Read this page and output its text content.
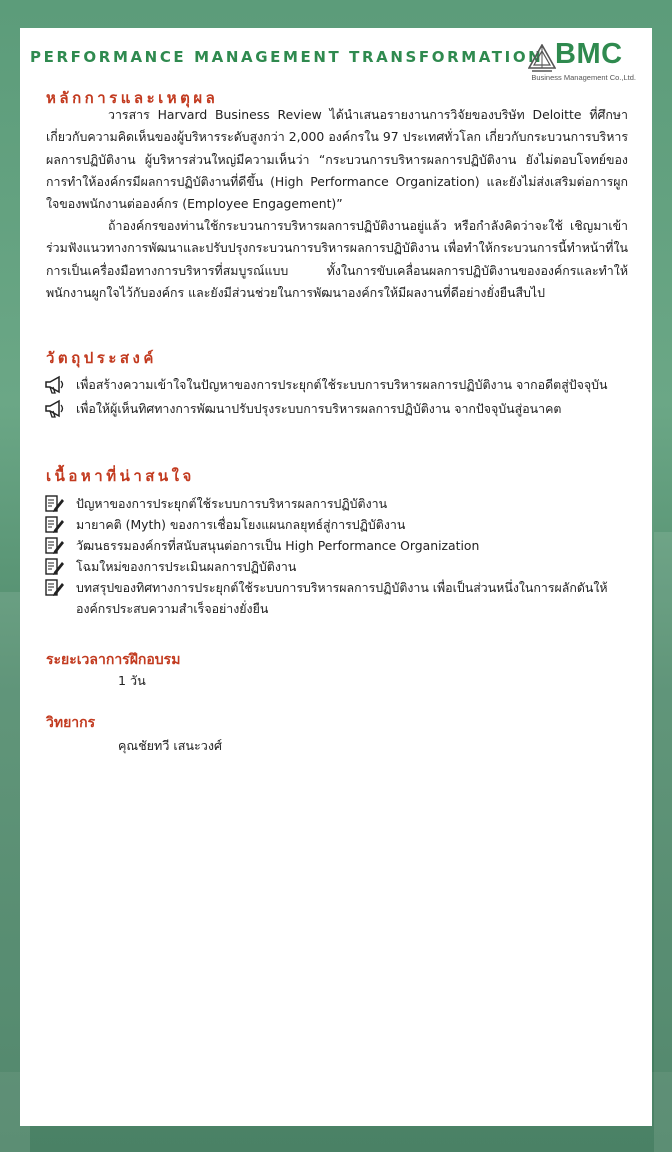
PERFORMANCE MANAGEMENT TRANSFORMATION BMC
Business Management Co.,Ltd.
หลักการและเหตุผล
วารสาร Harvard Business Review ได้นำเสนอรายงานการวิจัยของบริษัท Deloitte ที่ศึกษาเกี่ยวกับความคิดเห็นของผู้บริหารระดับสูงกว่า 2,000 องค์กรใน 97 ประเทศทั่วโลก เกี่ยวกับกระบวนการบริหารผลการปฏิบัติงาน ผู้บริหารส่วนใหญ่มีความเห็นว่า “กระบวนการบริหารผลการปฏิบัติงาน ยังไม่ตอบโจทย์ของการทำให้องค์กรมีผลการปฏิบัติงานที่ดีขึ้น (High Performance Organization) และยังไม่ส่งเสริมต่อการผูกใจของพนักงานต่อองค์กร (Employee Engagement)”
ถ้าองค์กรของท่านใช้กระบวนการบริหารผลการปฏิบัติงานอยู่แล้ว หรือกำลังคิดว่าจะใช้ เชิญมาเข้าร่วมฟังแนวทางการพัฒนาและปรับปรุงกระบวนการบริหารผลการปฏิบัติงาน เพื่อทำให้กระบวนการนี้ทำหน้าที่ในการเป็นเครื่องมือทางการบริหารที่สมบูรณ์แบบ ทั้งในการขับเคลื่อนผลการปฏิบัติงานขององค์กรและทำให้พนักงานผูกใจไว้กับองค์กร และยังมีส่วนช่วยในการพัฒนาองค์กรให้มีผลงานที่ดีอย่างยั่งยืนสืบไป
วัตถุประสงค์
เพื่อสร้างความเข้าใจในปัญหาของการประยุกต์ใช้ระบบการบริหารผลการปฏิบัติงาน จากอดีตสู่ปัจจุบัน
เพื่อให้ผู้เห็นทิศทางการพัฒนาปรับปรุงระบบการบริหารผลการปฏิบัติงาน จากปัจจุบันสู่อนาคต
เนื้อหาที่น่าสนใจ
ปัญหาของการประยุกต์ใช้ระบบการบริหารผลการปฏิบัติงาน
มายาคติ (Myth) ของการเชื่อมโยงแผนกลยุทธ์สู่การปฏิบัติงาน
วัฒนธรรมองค์กรที่สนับสนุนต่อการเป็น High Performance Organization
โฉมใหม่ของการประเมินผลการปฏิบัติงาน
บทสรุปของทิศทางการประยุกต์ใช้ระบบการบริหารผลการปฏิบัติงาน เพื่อเป็นส่วนหนึ่งในการผลักดันให้องค์กรประสบความสำเร็จอย่างยั่งยืน
ระยะเวลาการฝึกอบรม
1 วัน
วิทยากร
คุณชัยทวี เสนะวงศ์
